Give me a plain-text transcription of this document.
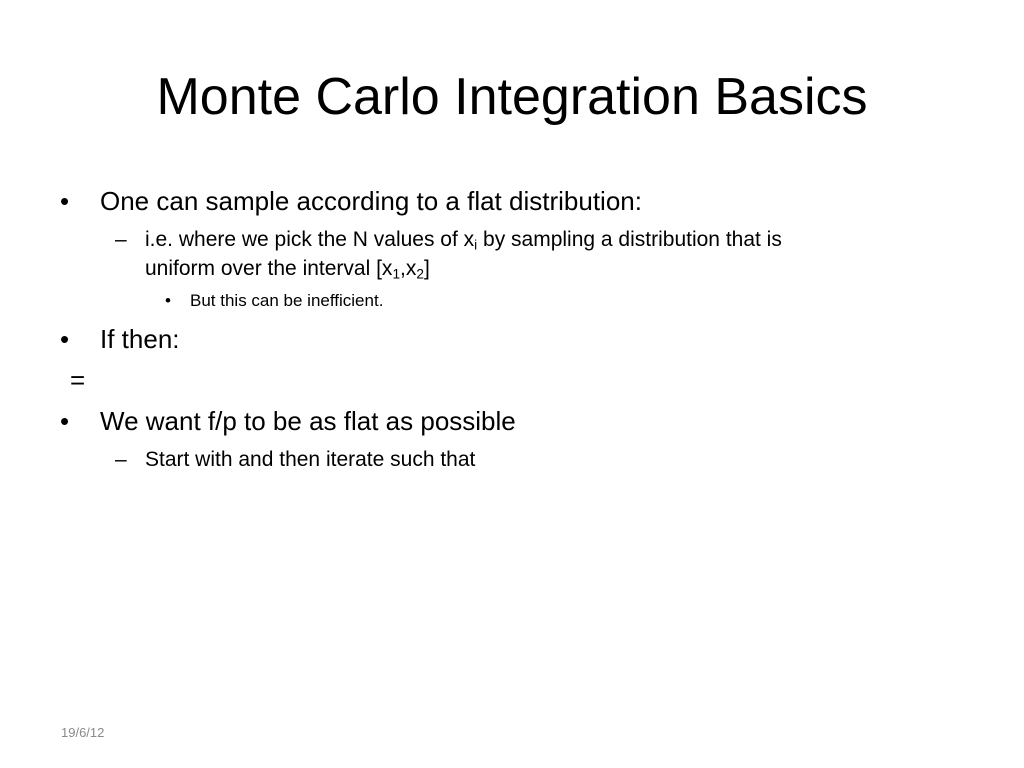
Monte Carlo Integration Basics
• One can sample according to a flat distribution:
– i.e. where we pick the N values of $x_i$ by sampling a distribution that is
uniform over the interval $[x_1,x_2]$
• But this can be inefficient.
• If then:
=
• We want f/p to be as flat as possible
– Start with and then iterate such that
19/6/12
